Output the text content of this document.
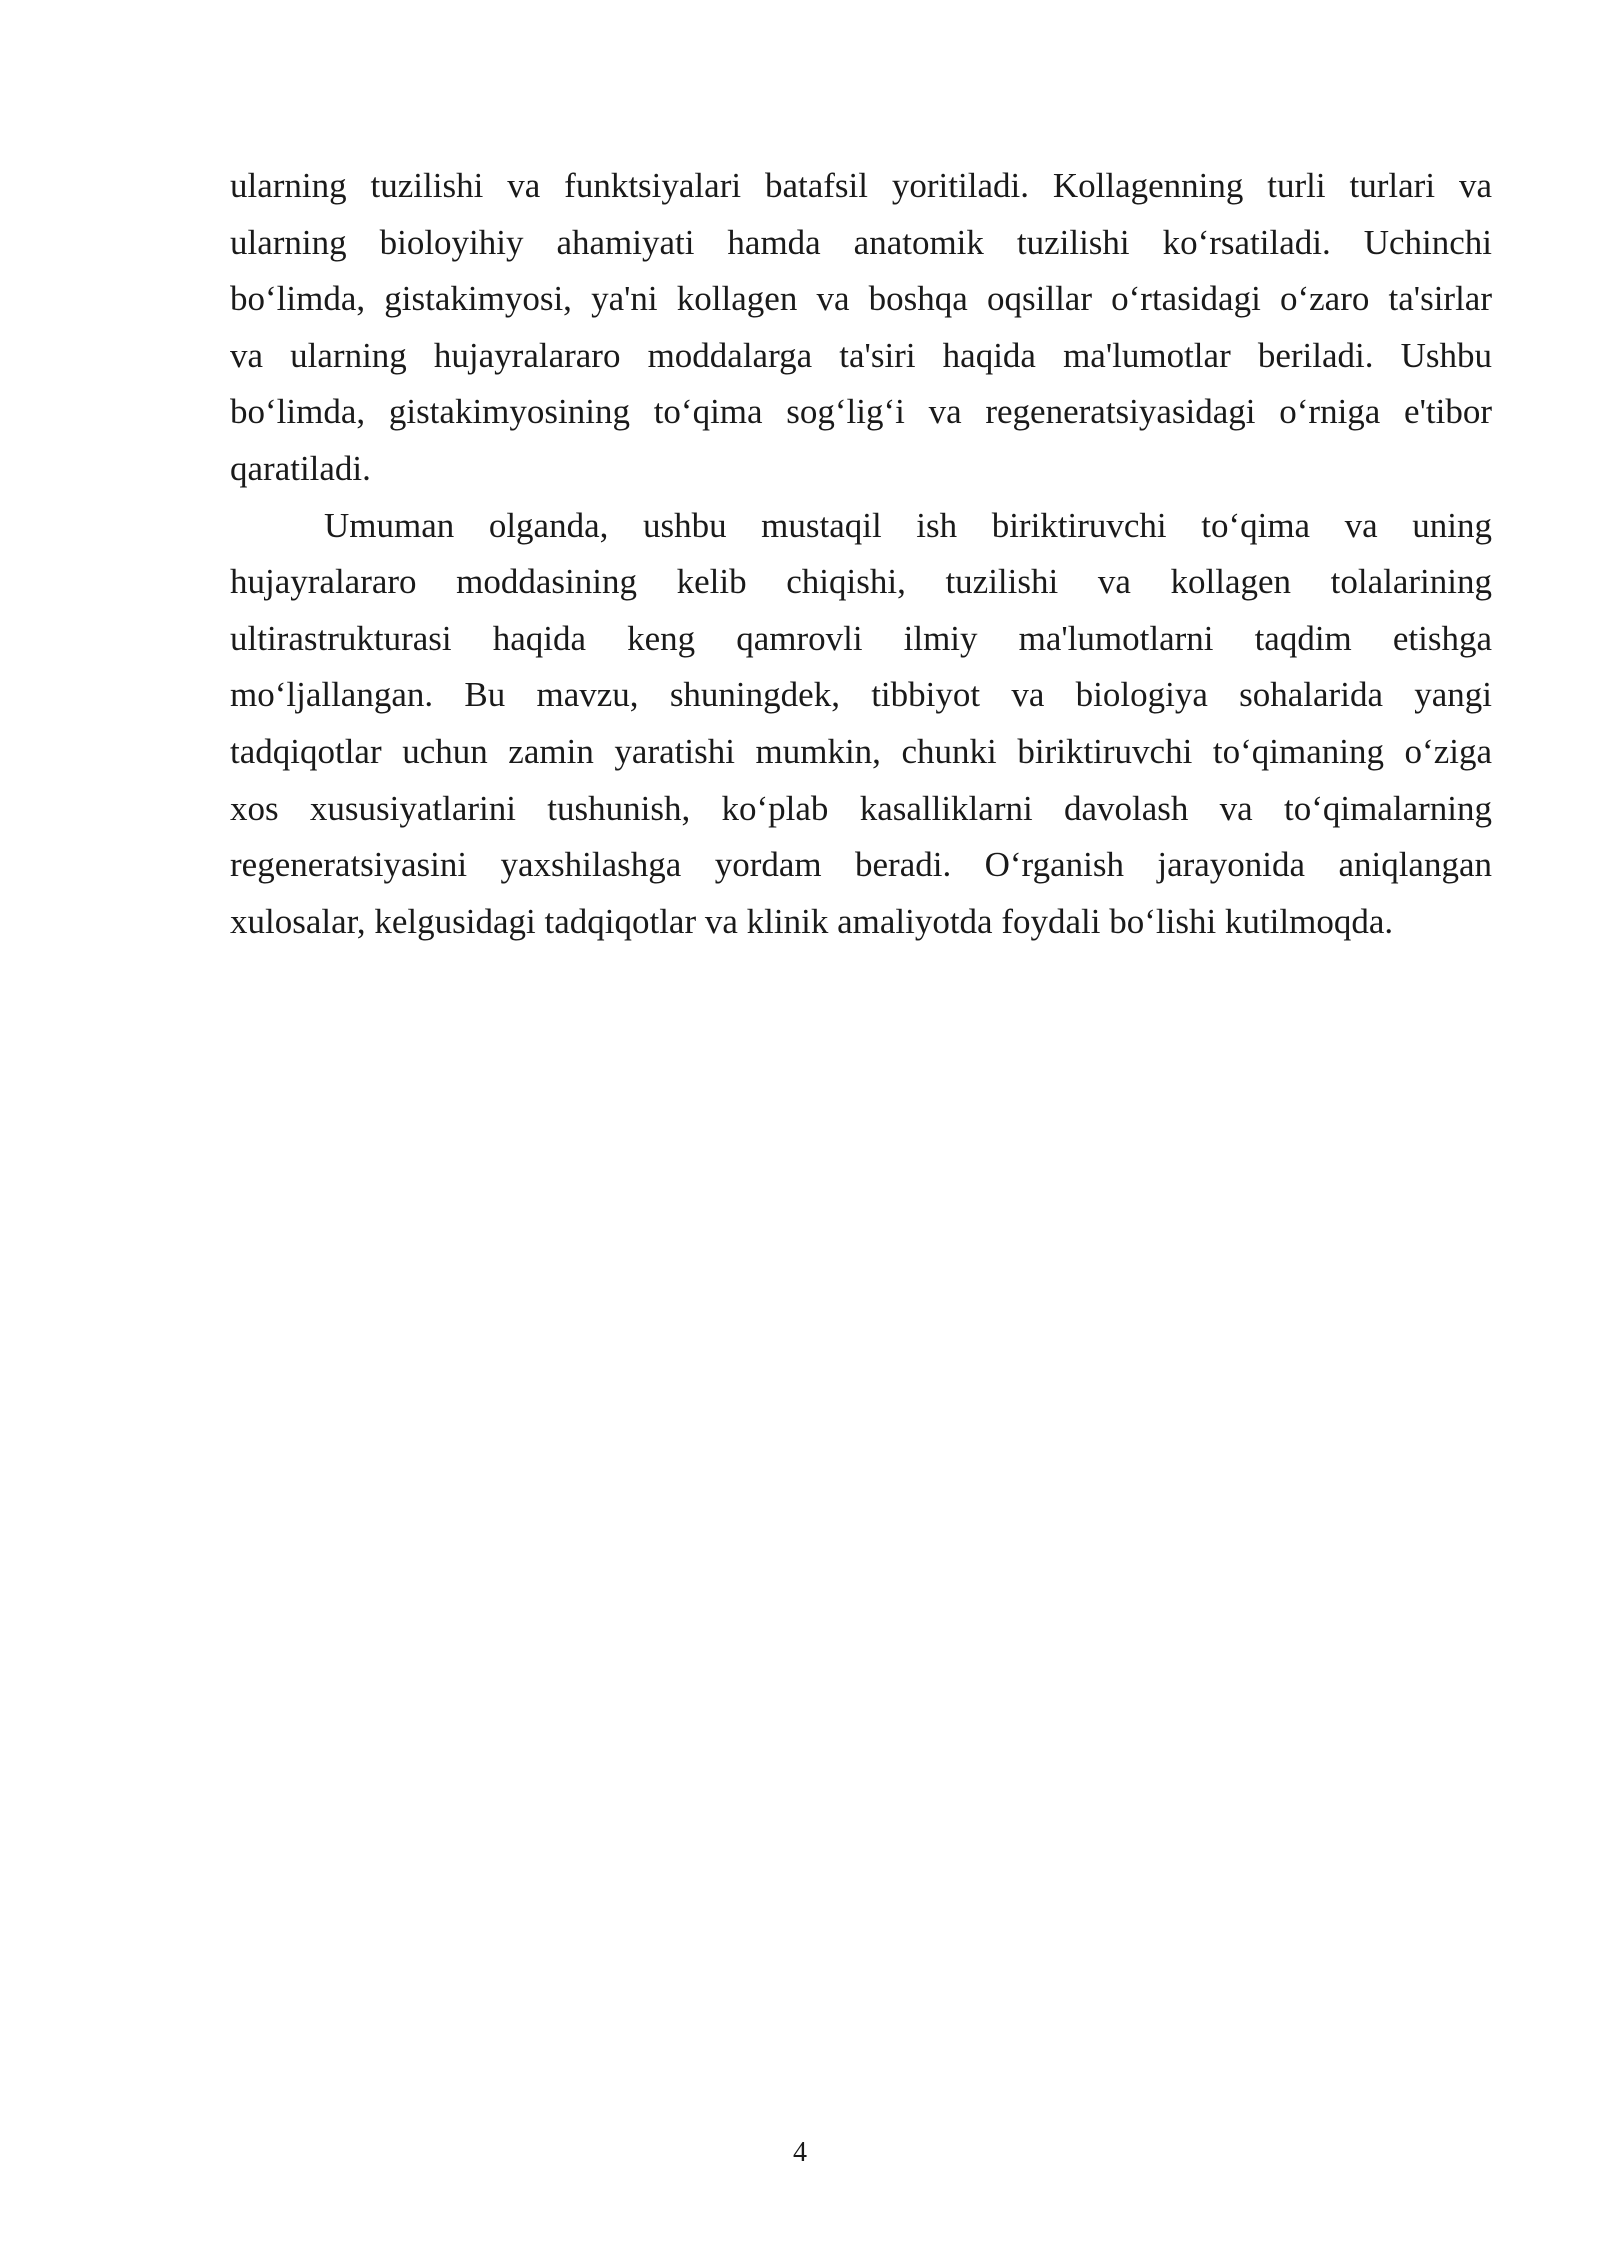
ularning tuzilishi va funktsiyalari batafsil yoritiladi. Kollagenning turli turlari va
ularning bioloyihiy ahamiyati hamda anatomik tuzilishi ko‘rsatiladi. Uchinchi
bo‘limda, gistakimyosi, ya'ni kollagen va boshqa oqsillar o‘rtasidagi o‘zaro ta'sirlar
va ularning hujayralararo moddalarga ta'siri haqida ma'lumotlar beriladi. Ushbu
bo‘limda, gistakimyosining to‘qima sog‘lig‘i va regeneratsiyasidagi o‘rniga e'tibor
qaratiladi.
Umuman olganda, ushbu mustaqil ish biriktiruvchi to‘qima va uning
hujayralararo moddasining kelib chiqishi, tuzilishi va kollagen tolalarining
ultirastrukturasi haqida keng qamrovli ilmiy ma'lumotlarni taqdim etishga
mo‘ljallangan. Bu mavzu, shuningdek, tibbiyot va biologiya sohalarida yangi
tadqiqotlar uchun zamin yaratishi mumkin, chunki biriktiruvchi to‘qimaning o‘ziga
xos xususiyatlarini tushunish, ko‘plab kasalliklarni davolash va to‘qimalarning
regeneratsiyasini yaxshilashga yordam beradi. O‘rganish jarayonida aniqlangan
xulosalar, kelgusidagi tadqiqotlar va klinik amaliyotda foydali bo‘lishi kutilmoqda.
4
